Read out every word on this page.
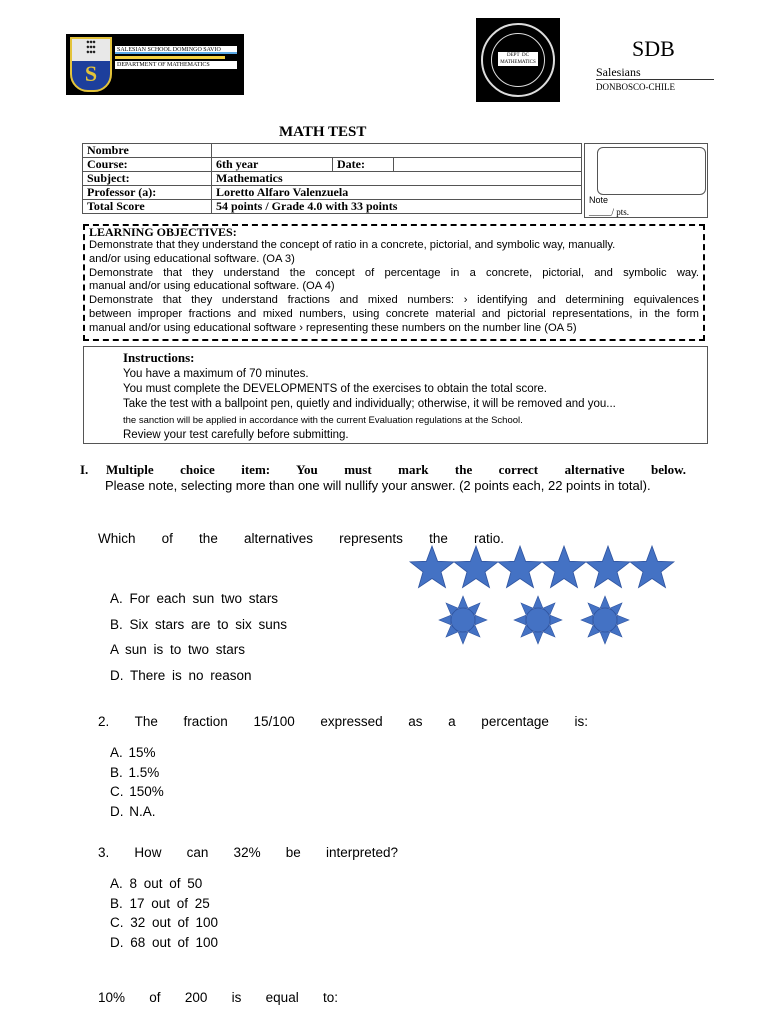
◆◆◆
◆◆◆
◆◆◆
S
SALESIAN SCHOOL DOMINGO SAVIO
DEPARTMENT OF MATHEMATICS
DEPT DC
MATHEMATICS
SDB
Salesians
DONBOSCO-CHILE
MATH TEST
Nombre			
Course:	6th year	Date:	
Subject:	Mathematics		
Professor (a):	Loretto Alfaro Valenzuela		
Total Score	54 points / Grade 4.0 with 33 points			Note
_____/ pts.
LEARNING OBJECTIVES:

Demonstrate that they understand the concept of ratio in a concrete, pictorial, and symbolic way, manually.

and/or using educational software. (OA 3)

Demonstrate that they understand the concept of percentage in a concrete, pictorial, and symbolic way.

manual and/or using educational software. (OA 4)

Demonstrate that they understand fractions and mixed numbers: › identifying and determining equivalences

between improper fractions and mixed numbers, using concrete material and pictorial representations, in the form

manual and/or using educational software › representing these numbers on the number line (OA 5)

Instructions:
You have a maximum of 70 minutes.
You must complete the DEVELOPMENTS of the exercises to obtain the total score.
Take the test with a ballpoint pen, quietly and individually; otherwise, it will be removed and you...
the sanction will be applied in accordance with the current Evaluation regulations at the School.
Review your test carefully before submitting.
I. Multiple choice item: You must mark the correct alternative below.
Please note, selecting more than one will nullify your answer. (2 points each, 22 points in total).
Which of the alternatives represents the ratio.
A. For each sun two stars
B. Six stars are to six suns
A sun is to two stars
D. There is no reason
2. The fraction 15/100 expressed as a percentage is:
A. 15%
B. 1.5%
C. 150%
D. N.A.
3. How can 32% be interpreted?
A. 8 out of 50
B. 17 out of 25
C. 32 out of 100
D. 68 out of 100
10% of 200 is equal to:
